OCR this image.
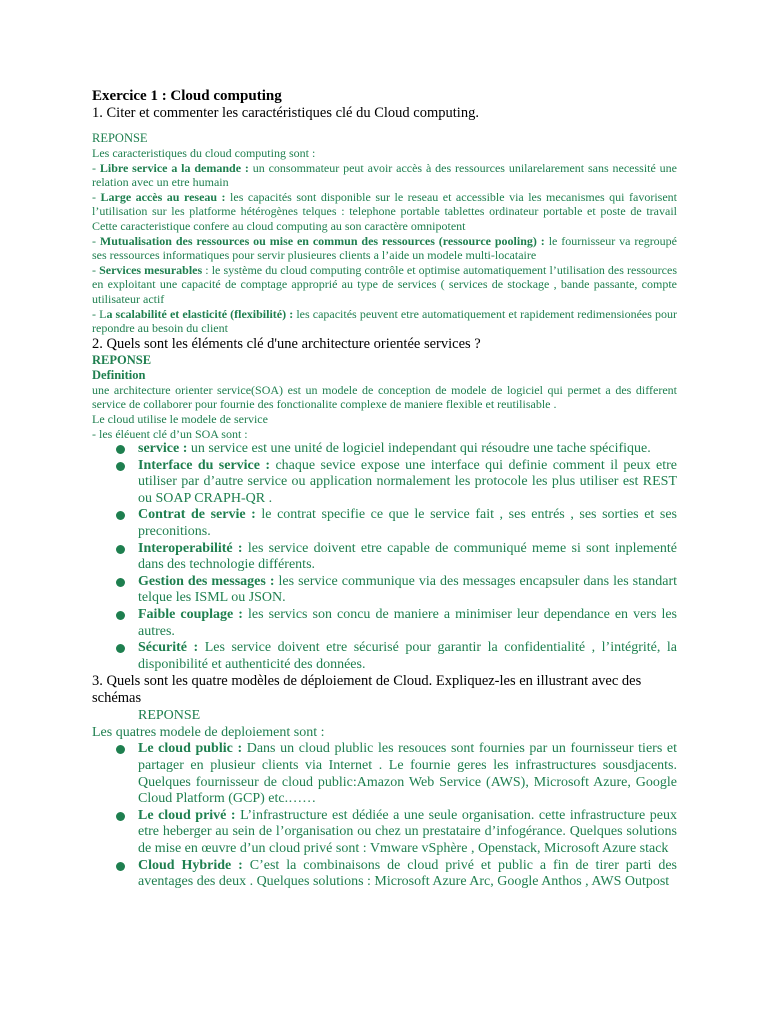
Exercice 1 : Cloud computing
1. Citer et commenter les caractéristiques clé du Cloud computing.
REPONSE

Les caracteristiques du cloud computing sont :

- Libre service a la demande : un consommateur peut avoir accès à des ressources unilarelarement sans necessité une relation avec un etre humain

- Large accès au reseau : les capacités sont disponible sur le reseau et accessible via les mecanismes qui favorisent l’utilisation sur les platforme hétérogènes telques : telephone portable tablettes ordinateur portable et poste de travail Cette caracteristique confere au cloud computing au son caractère omnipotent

- Mutualisation des ressources ou mise en commun des ressources (ressource pooling) : le fournisseur va regroupé ses ressources informatiques pour servir plusieures clients a l’aide un modele multi-locataire

- Services mesurables : le système du cloud computing contrôle et optimise automatiquement l’utilisation des ressources en exploitant une capacité de comptage approprié au type de services ( services de stockage , bande passante, compte utilisateur actif

- La scalabilité et elasticité (flexibilité) : les capacités peuvent etre automatiquement et rapidement redimensionées pour repondre au besoin du client

2. Quels sont les éléments clé d'une architecture orientée services ?
REPONSE
Definition

une architecture orienter service(SOA) est un modele de conception de modele de logiciel qui permet a des different service de collaborer pour fournie des fonctionalite complexe de maniere flexible et reutilisable .

Le cloud utilise le modele de service

- les éléuent clé d’un SOA sont :

service : un service est une unité de logiciel independant qui résoudre une tache spécifique.
Interface du service : chaque sevice expose une interface qui definie comment il peux etre utiliser par d’autre service ou application normalement les protocole les plus utiliser est REST ou SOAP CRAPH-QR .
Contrat de servie : le contrat specifie ce que le service fait , ses entrés , ses sorties et ses preconitions.
Interoperabilité : les service doivent etre capable de communiqué meme si sont inplementé dans des technologie différents.
Gestion des messages : les service communique via des messages encapsuler dans les standart telque les ISML ou JSON.
Faible couplage : les servics son concu de maniere a minimiser leur dependance en vers les autres.
Sécurité : Les service doivent etre sécurisé pour garantir la confidentialité , l’intégrité, la disponibilité et authenticité des données.
3. Quels sont les quatre modèles de déploiement de Cloud. Expliquez-les en illustrant avec des schémas
REPONSE
Les quatres modele de deploiement sont :
Le cloud public : Dans un cloud plublic les resouces sont fournies par un fournisseur tiers et partager en plusieur clients via Internet . Le fournie geres les infrastructures sousdjacents. Quelques fournisseur de cloud public:Amazon Web Service (AWS), Microsoft Azure, Google Cloud Platform (GCP) etc.……
Le cloud privé : L’infrastructure est dédiée a une seule organisation. cette infrastructure peux etre heberger au sein de l’organisation ou chez un prestataire d’infogérance. Quelques solutions de mise en œuvre d’un cloud privé sont : Vmware vSphère , Openstack, Microsoft Azure stack
Cloud Hybride : C’est la combinaisons de cloud privé et public a fin de tirer parti des aventages des deux . Quelques solutions : Microsoft Azure Arc, Google Anthos , AWS Outpost
